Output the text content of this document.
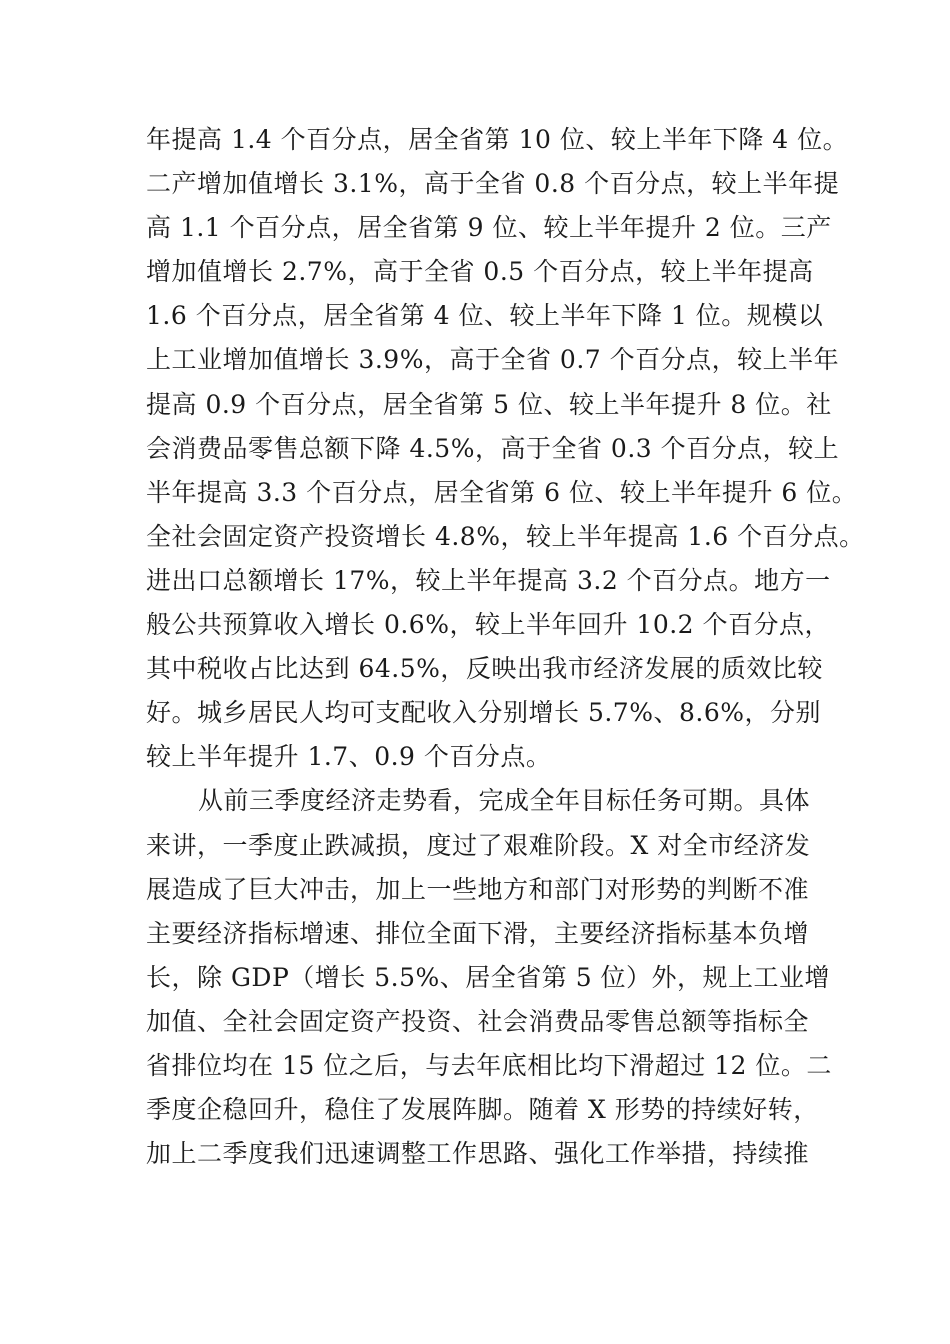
年提高 1.4 个百分点，居全省第 10 位、较上半年下降 4 位。
二产增加值增长 3.1%，高于全省 0.8 个百分点，较上半年提
高 1.1 个百分点，居全省第 9 位、较上半年提升 2 位。三产
增加值增长 2.7%，高于全省 0.5 个百分点，较上半年提高
1.6 个百分点，居全省第 4 位、较上半年下降 1 位。规模以
上工业增加值增长 3.9%，高于全省 0.7 个百分点，较上半年
提高 0.9 个百分点，居全省第 5 位、较上半年提升 8 位。社
会消费品零售总额下降 4.5%，高于全省 0.3 个百分点，较上
半年提高 3.3 个百分点，居全省第 6 位、较上半年提升 6 位。
全社会固定资产投资增长 4.8%，较上半年提高 1.6 个百分点。
进出口总额增长 17%，较上半年提高 3.2 个百分点。地方一
般公共预算收入增长 0.6%，较上半年回升 10.2 个百分点，
其中税收占比达到 64.5%，反映出我市经济发展的质效比较
好。城乡居民人均可支配收入分别增长 5.7%、8.6%，分别
较上半年提升 1.7、0.9 个百分点。
从前三季度经济走势看，完成全年目标任务可期。具体
来讲，一季度止跌减损，度过了艰难阶段。X 对全市经济发
展造成了巨大冲击，加上一些地方和部门对形势的判断不准
主要经济指标增速、排位全面下滑，主要经济指标基本负增
长，除 GDP（增长 5.5%、居全省第 5 位）外，规上工业增
加值、全社会固定资产投资、社会消费品零售总额等指标全
省排位均在 15 位之后，与去年底相比均下滑超过 12 位。二
季度企稳回升，稳住了发展阵脚。随着 X 形势的持续好转，
加上二季度我们迅速调整工作思路、强化工作举措，持续推
